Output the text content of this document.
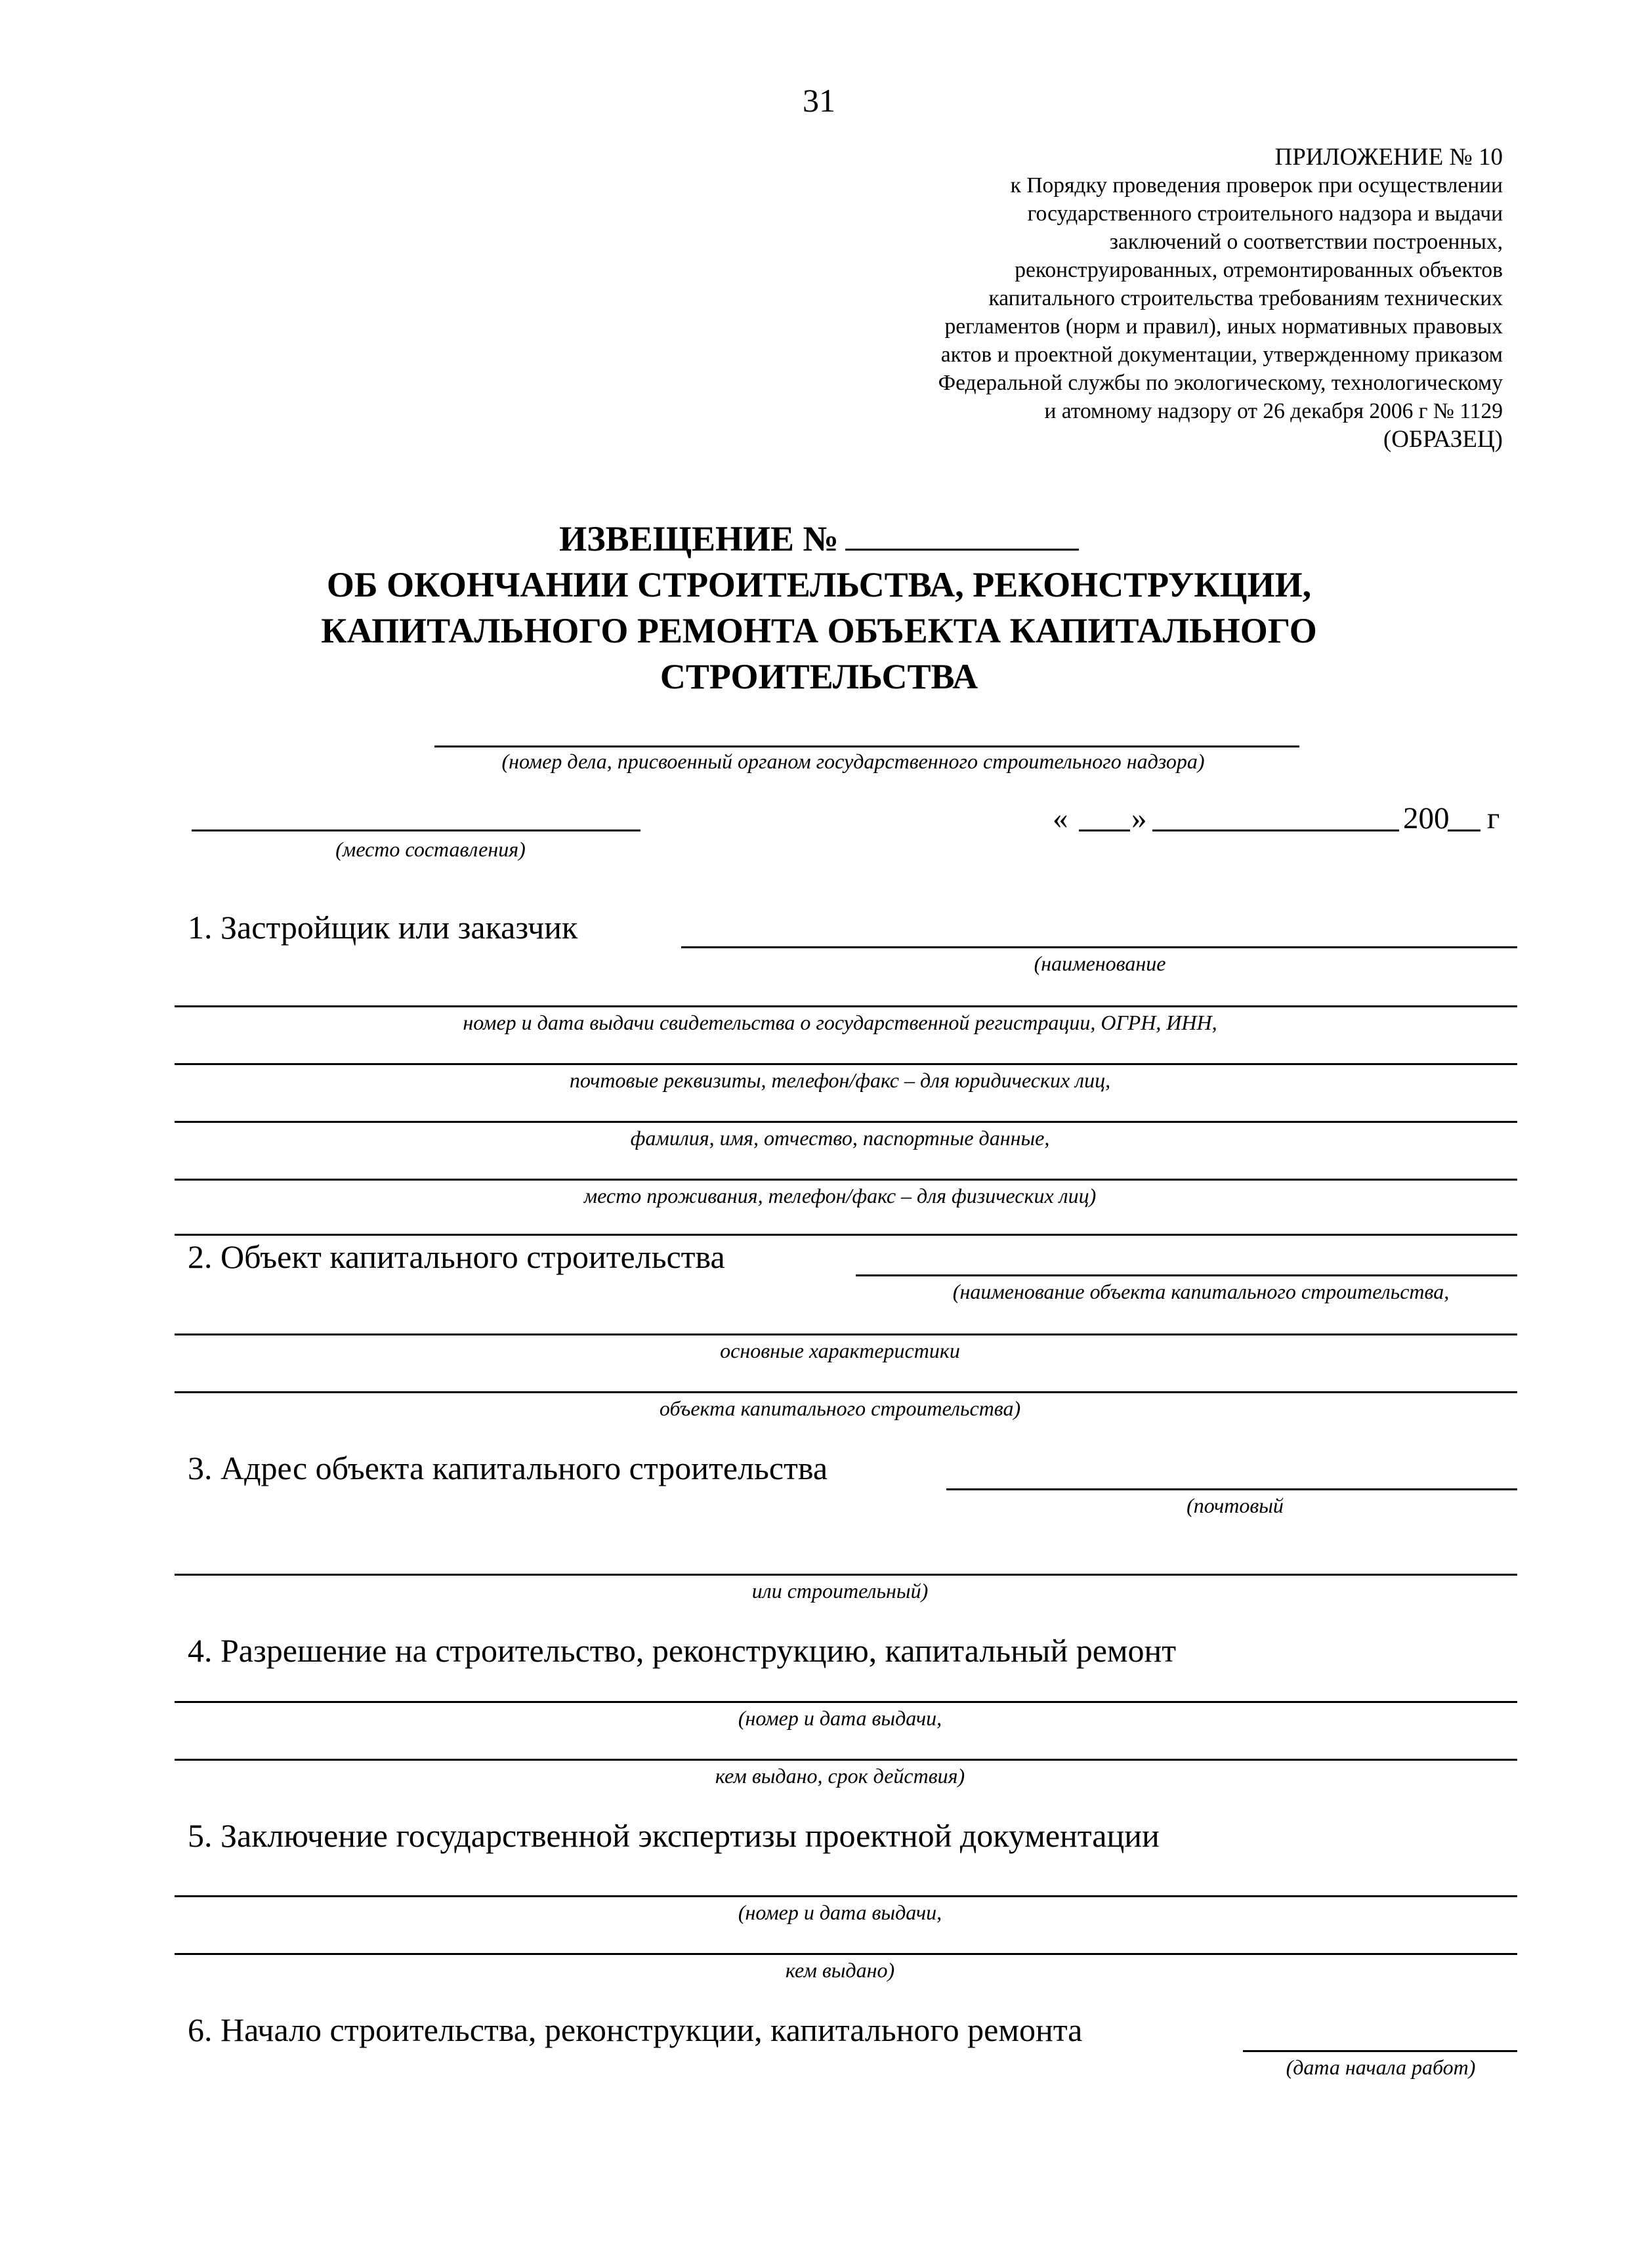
31
ПРИЛОЖЕНИЕ № 10
к Порядку проведения проверок при осуществлении
государственного строительного надзора и выдачи
заключений о соответствии построенных,
реконструированных, отремонтированных объектов
капитального строительства требованиям технических
регламентов (норм и правил), иных нормативных правовых
актов и проектной документации, утвержденному приказом
Федеральной службы по экологическому, технологическому
и атомному надзору от 26 декабря 2006 г № 1129
(ОБРАЗЕЦ)
ИЗВЕЩЕНИЕ №
ОБ ОКОНЧАНИИ СТРОИТЕЛЬСТВА, РЕКОНСТРУКЦИИ,
КАПИТАЛЬНОГО РЕМОНТА ОБЪЕКТА КАПИТАЛЬНОГО
СТРОИТЕЛЬСТВА
(номер дела, присвоенный органом государственного строительного надзора)
(место составления)
« »	200 г
1. Застройщик или заказчик
(наименование
номер и дата выдачи свидетельства о государственной регистрации, ОГРН, ИНН,
почтовые реквизиты, телефон/факс – для юридических лиц,
фамилия, имя, отчество, паспортные данные,
место проживания, телефон/факс – для физических лиц)
2. Объект капитального строительства
(наименование объекта капитального строительства,
основные характеристики
объекта капитального строительства)
3. Адрес объекта капитального строительства
(почтовый
или строительный)
4. Разрешение на строительство, реконструкцию, капитальный ремонт
(номер и дата выдачи,
кем выдано, срок действия)
5. Заключение государственной экспертизы проектной документации
(номер и дата выдачи,
кем выдано)
6. Начало строительства, реконструкции, капитального ремонта
(дата начала работ)
